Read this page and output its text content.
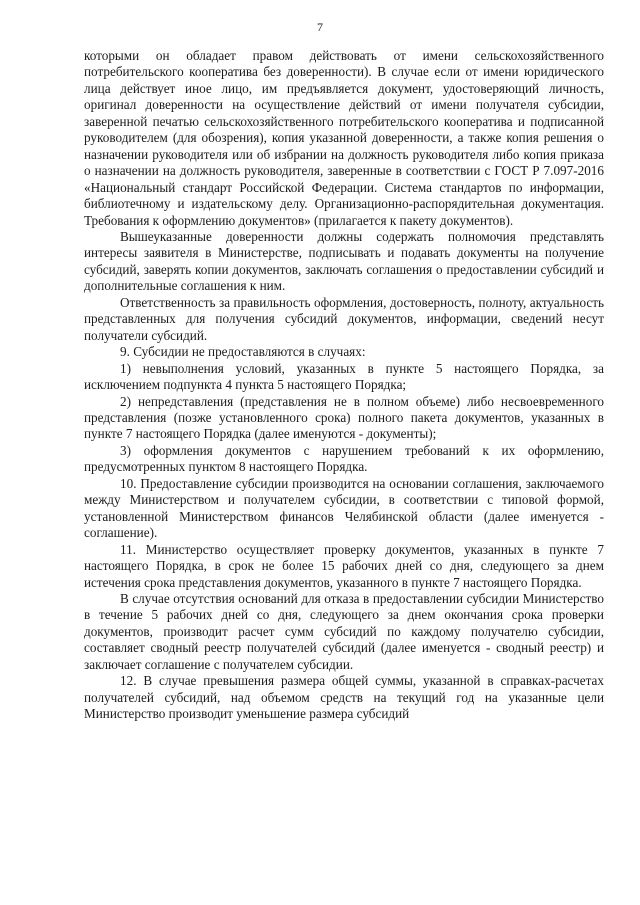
7

которыми он обладает правом действовать от имени сельскохозяйственного потребительского кооператива без доверенности). В случае если от имени юридического лица действует иное лицо, им предъявляется документ, удостоверяющий личность, оригинал доверенности на осуществление действий от имени получателя субсидии, заверенной печатью сельскохозяйственного потребительского кооператива и подписанной руководителем (для обозрения), копия указанной доверенности, а также копия решения о назначении руководителя или об избрании на должность руководителя либо копия приказа о назначении на должность руководителя, заверенные в соответствии с ГОСТ Р 7.097-2016 «Национальный стандарт Российской Федерации. Система стандартов по информации, библиотечному и издательскому делу. Организационно-распорядительная документация. Требования к оформлению документов» (прилагается к пакету документов).

Вышеуказанные доверенности должны содержать полномочия представлять интересы заявителя в Министерстве, подписывать и подавать документы на получение субсидий, заверять копии документов, заключать соглашения о предоставлении субсидий и дополнительные соглашения к ним.

Ответственность за правильность оформления, достоверность, полноту, актуальность представленных для получения субсидий документов, информации, сведений несут получатели субсидий.

9. Субсидии не предоставляются в случаях:

1) невыполнения условий, указанных в пункте 5 настоящего Порядка, за исключением подпункта 4 пункта 5 настоящего Порядка;

2) непредставления (представления не в полном объеме) либо несвоевременного представления (позже установленного срока) полного пакета документов, указанных в пункте 7 настоящего Порядка (далее именуются - документы);

3) оформления документов с нарушением требований к их оформлению, предусмотренных пунктом 8 настоящего Порядка.

10. Предоставление субсидии производится на основании соглашения, заключаемого между Министерством и получателем субсидии, в соответствии с типовой формой, установленной Министерством финансов Челябинской области (далее именуется - соглашение).

11. Министерство осуществляет проверку документов, указанных в пункте 7 настоящего Порядка, в срок не более 15 рабочих дней со дня, следующего за днем истечения срока представления документов, указанного в пункте 7 настоящего Порядка.

В случае отсутствия оснований для отказа в предоставлении субсидии Министерство в течение 5 рабочих дней со дня, следующего за днем окончания срока проверки документов, производит расчет сумм субсидий по каждому получателю субсидии, составляет сводный реестр получателей субсидий (далее именуется - сводный реестр) и заключает соглашение с получателем субсидии.

12. В случае превышения размера общей суммы, указанной в справках-расчетах получателей субсидий, над объемом средств на текущий год на указанные цели Министерство производит уменьшение размера субсидий
